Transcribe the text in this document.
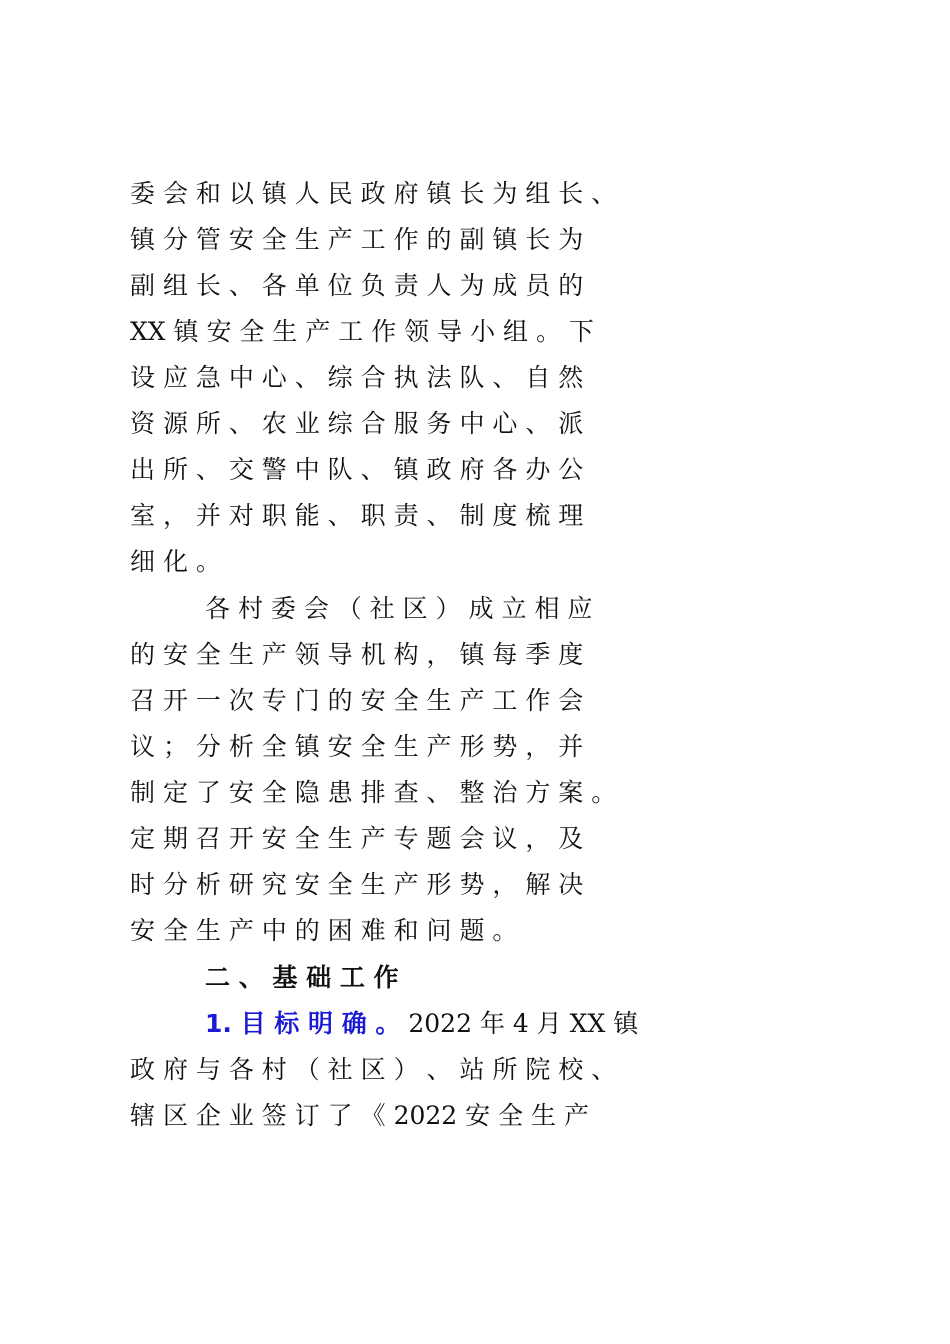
委 会 和 以 镇 人 民 政 府 镇 长 为 组 长 、
镇 分 管 安 全 生 产 工 作 的 副 镇 长 为
副 组 长 、 各 单 位 负 责 人 为 成 员 的
XX 镇 安 全 生 产 工 作 领 导 小 组 。 下
设 应 急 中 心 、 综 合 执 法 队 、 自 然
资 源 所 、 农 业 综 合 服 务 中 心 、 派
出 所 、 交 警 中 队 、 镇 政 府 各 办 公
室 ， 并 对 职 能 、 职 责 、 制 度 梳 理
细 化 。
各 村 委 会 （ 社 区 ） 成 立 相 应
的 安 全 生 产 领 导 机 构 ， 镇 每 季 度
召 开 一 次 专 门 的 安 全 生 产 工 作 会
议 ； 分 析 全 镇 安 全 生 产 形 势 ， 并
制 定 了 安 全 隐 患 排 查 、 整 治 方 案 。
定 期 召 开 安 全 生 产 专 题 会 议 ， 及
时 分 析 研 究 安 全 生 产 形 势 ， 解 决
安 全 生 产 中 的 困 难 和 问 题 。
二 、 基 础 工 作
1. 目 标 明 确 。 2022 年 4 月 XX 镇
政 府 与 各 村 （ 社 区 ） 、 站 所 院 校 、
辖 区 企 业 签 订 了 《 2022 安 全 生 产
